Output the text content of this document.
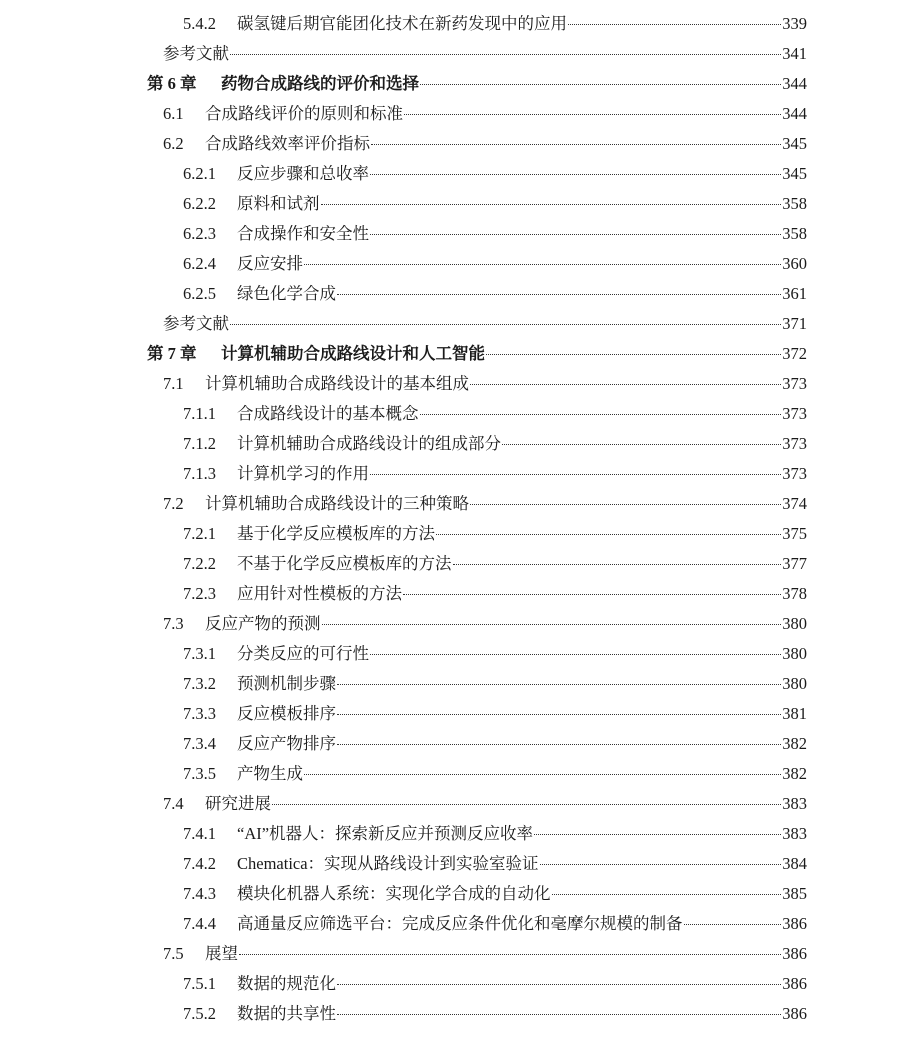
5.4.2	碳氢键后期官能团化技术在新药发现中的应用	339
参考文献	341
第 6 章	药物合成路线的评价和选择	344
6.1	合成路线评价的原则和标准	344
6.2	合成路线效率评价指标	345
6.2.1	反应步骤和总收率	345
6.2.2	原料和试剂	358
6.2.3	合成操作和安全性	358
6.2.4	反应安排	360
6.2.5	绿色化学合成	361
参考文献	371
第 7 章	计算机辅助合成路线设计和人工智能	372
7.1	计算机辅助合成路线设计的基本组成	373
7.1.1	合成路线设计的基本概念	373
7.1.2	计算机辅助合成路线设计的组成部分	373
7.1.3	计算机学习的作用	373
7.2	计算机辅助合成路线设计的三种策略	374
7.2.1	基于化学反应模板库的方法	375
7.2.2	不基于化学反应模板库的方法	377
7.2.3	应用针对性模板的方法	378
7.3	反应产物的预测	380
7.3.1	分类反应的可行性	380
7.3.2	预测机制步骤	380
7.3.3	反应模板排序	381
7.3.4	反应产物排序	382
7.3.5	产物生成	382
7.4	研究进展	383
7.4.1	“AI”机器人：探索新反应并预测反应收率	383
7.4.2	Chematica：实现从路线设计到实验室验证	384
7.4.3	模块化机器人系统：实现化学合成的自动化	385
7.4.4	高通量反应筛选平台：完成反应条件优化和毫摩尔规模的制备	386
7.5	展望	386
7.5.1	数据的规范化	386
7.5.2	数据的共享性	386
